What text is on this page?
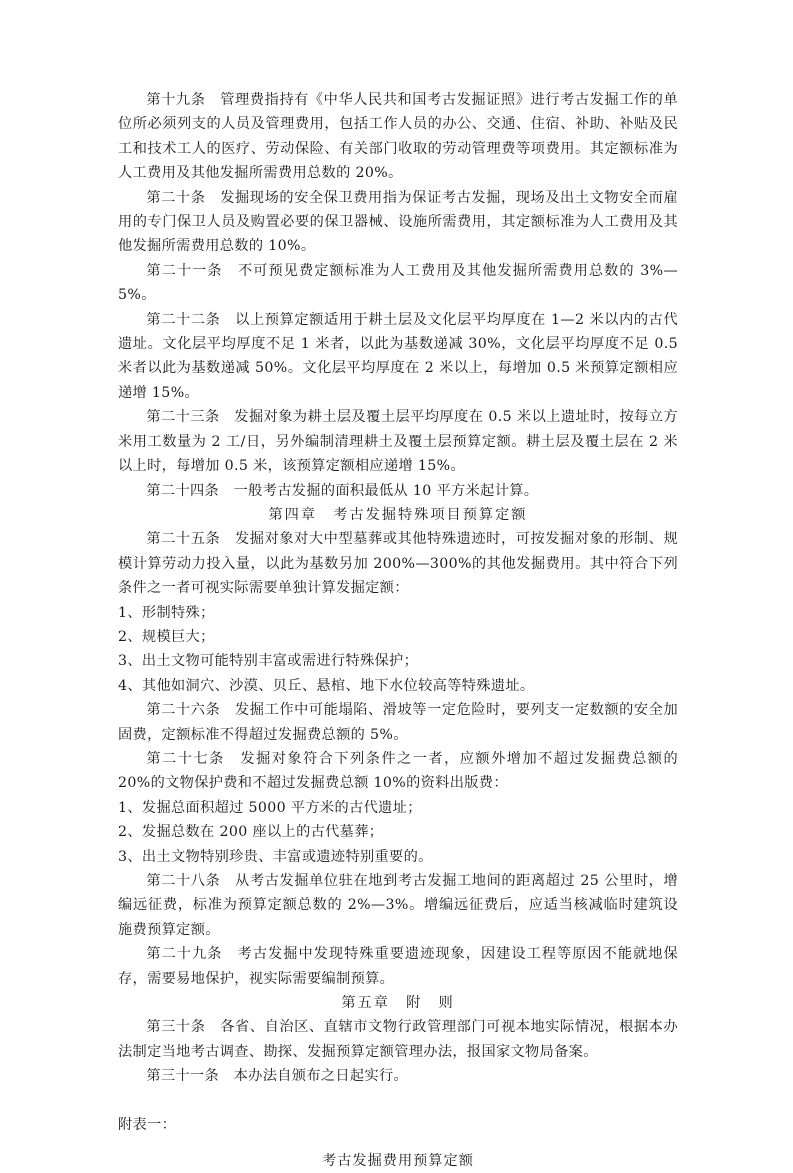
第十九条　管理费指持有《中华人民共和国考古发掘证照》进行考古发掘工作的单位所必须列支的人员及管理费用，包括工作人员的办公、交通、住宿、补助、补贴及民工和技术工人的医疗、劳动保险、有关部门收取的劳动管理费等项费用。其定额标准为人工费用及其他发掘所需费用总数的 20%。

第二十条　发掘现场的安全保卫费用指为保证考古发掘，现场及出土文物安全而雇用的专门保卫人员及购置必要的保卫器械、设施所需费用，其定额标准为人工费用及其他发掘所需费用总数的 10%。

第二十一条　不可预见费定额标准为人工费用及其他发掘所需费用总数的 3%—5%。

第二十二条　以上预算定额适用于耕土层及文化层平均厚度在 1—2 米以内的古代遗址。文化层平均厚度不足 1 米者，以此为基数递减 30%，文化层平均厚度不足 0.5 米者以此为基数递减 50%。文化层平均厚度在 2 米以上，每增加 0.5 米预算定额相应递增 15%。

第二十三条　发掘对象为耕土层及覆土层平均厚度在 0.5 米以上遗址时，按每立方米用工数量为 2 工/日，另外编制清理耕土及覆土层预算定额。耕土层及覆土层在 2 米以上时，每增加 0.5 米，该预算定额相应递增 15%。

第二十四条　一般考古发掘的面积最低从 10 平方米起计算。

第四章　考古发掘特殊项目预算定额

第二十五条　发掘对象对大中型墓葬或其他特殊遗迹时，可按发掘对象的形制、规模计算劳动力投入量，以此为基数另加 200%—300%的其他发掘费用。其中符合下列条件之一者可视实际需要单独计算发掘定额：

1、形制特殊；

2、规模巨大；

3、出土文物可能特别丰富或需进行特殊保护；

4、其他如洞穴、沙漠、贝丘、悬棺、地下水位较高等特殊遗址。

第二十六条　发掘工作中可能塌陷、滑坡等一定危险时，要列支一定数额的安全加固费，定额标准不得超过发掘费总额的 5%。

第二十七条　发掘对象符合下列条件之一者，应额外增加不超过发掘费总额的 20%的文物保护费和不超过发掘费总额 10%的资料出版费：

1、发掘总面积超过 5000 平方米的古代遗址；

2、发掘总数在 200 座以上的古代墓葬；

3、出土文物特别珍贵、丰富或遗迹特别重要的。

第二十八条　从考古发掘单位驻在地到考古发掘工地间的距离超过 25 公里时，增编远征费，标准为预算定额总数的 2%—3%。增编远征费后，应适当核减临时建筑设施费预算定额。

第二十九条　考古发掘中发现特殊重要遗迹现象，因建设工程等原因不能就地保存，需要易地保护，视实际需要编制预算。

第五章　附　则

第三十条　各省、自治区、直辖市文物行政管理部门可视本地实际情况，根据本办法制定当地考古调查、勘探、发掘预算定额管理办法，报国家文物局备案。

第三十一条　本办法自颁布之日起实行。

附表一：

考古发掘费用预算定额
